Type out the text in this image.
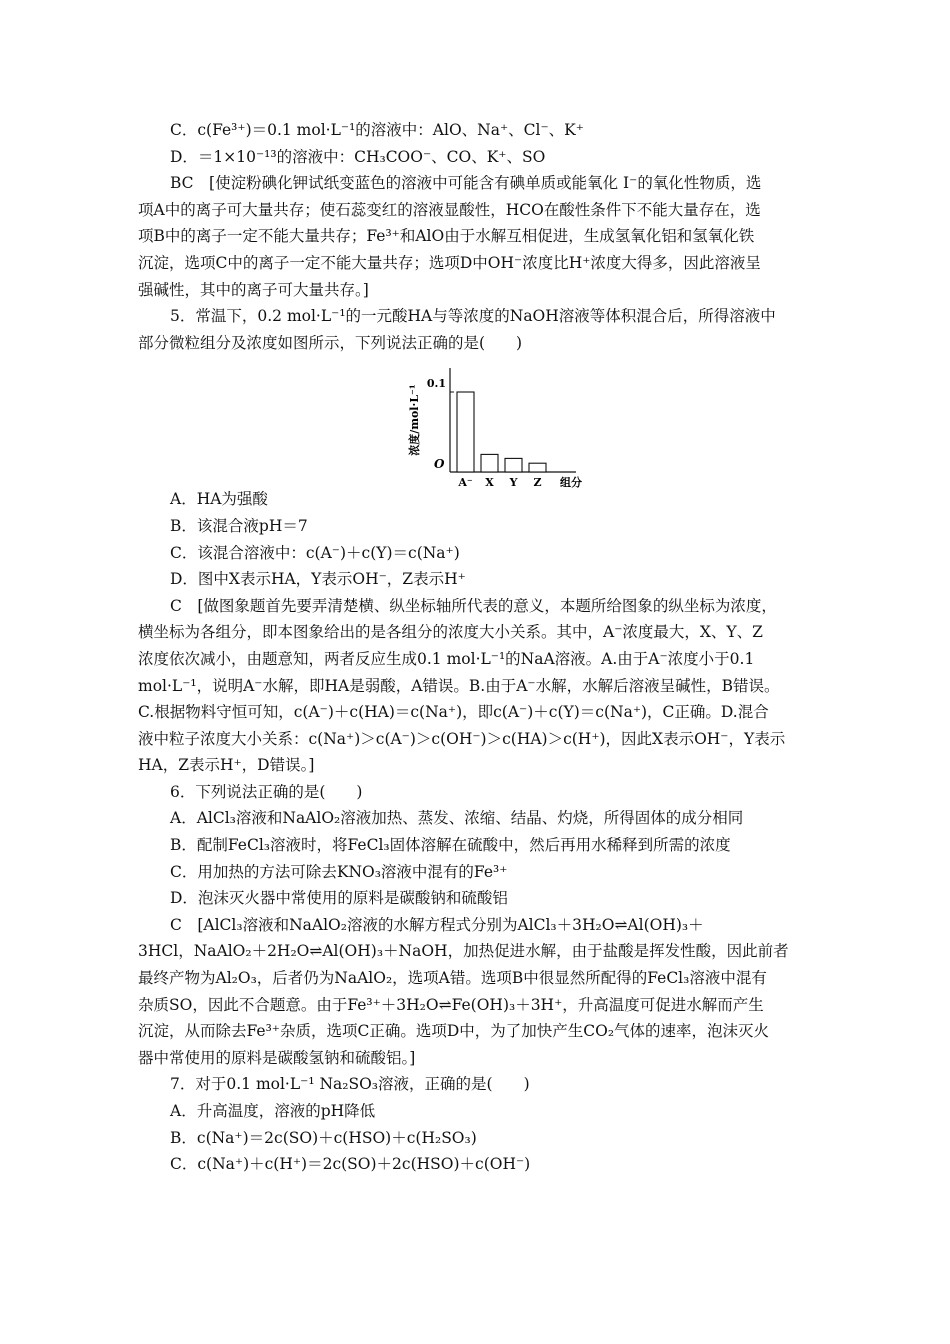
C．c(Fe³⁺)＝0.1 mol·L⁻¹的溶液中：AlO、Na⁺、Cl⁻、K⁺
D．＝1×10⁻¹³的溶液中：CH₃COO⁻、CO、K⁺、SO
BC　[使淀粉碘化钾试纸变蓝色的溶液中可能含有碘单质或能氧化 I⁻的氧化性物质，选
项A中的离子可大量共存；使石蕊变红的溶液显酸性，HCO在酸性条件下不能大量存在，选
项B中的离子一定不能大量共存；Fe³⁺和AlO由于水解互相促进，生成氢氧化铝和氢氧化铁
沉淀，选项C中的离子一定不能大量共存；选项D中OH⁻浓度比H⁺浓度大得多，因此溶液呈
强碱性，其中的离子可大量共存。]
5．常温下，0.2 mol·L⁻¹的一元酸HA与等浓度的NaOH溶液等体积混合后，所得溶液中
部分微粒组分及浓度如图所示，下列说法正确的是(　　)
浓度/mol·L⁻¹
0.1
O
组分
A⁻ X Y Z
A．HA为强酸
B．该混合液pH＝7
C．该混合溶液中：c(A⁻)＋c(Y)＝c(Na⁺)
D．图中X表示HA，Y表示OH⁻，Z表示H⁺
C　[做图象题首先要弄清楚横、纵坐标轴所代表的意义，本题所给图象的纵坐标为浓度，
横坐标为各组分，即本图象给出的是各组分的浓度大小关系。其中，A⁻浓度最大，X、Y、Z
浓度依次减小，由题意知，两者反应生成0.1 mol·L⁻¹的NaA溶液。A.由于A⁻浓度小于0.1
mol·L⁻¹，说明A⁻水解，即HA是弱酸，A错误。B.由于A⁻水解，水解后溶液呈碱性，B错误。
C.根据物料守恒可知，c(A⁻)＋c(HA)＝c(Na⁺)，即c(A⁻)＋c(Y)＝c(Na⁺)，C正确。D.混合
液中粒子浓度大小关系：c(Na⁺)＞c(A⁻)＞c(OH⁻)＞c(HA)＞c(H⁺)，因此X表示OH⁻，Y表示
HA，Z表示H⁺，D错误。]
6．下列说法正确的是(　　)
A．AlCl₃溶液和NaAlO₂溶液加热、蒸发、浓缩、结晶、灼烧，所得固体的成分相同
B．配制FeCl₃溶液时，将FeCl₃固体溶解在硫酸中，然后再用水稀释到所需的浓度
C．用加热的方法可除去KNO₃溶液中混有的Fe³⁺
D．泡沫灭火器中常使用的原料是碳酸钠和硫酸铝
C　[AlCl₃溶液和NaAlO₂溶液的水解方程式分别为AlCl₃＋3H₂O⇌Al(OH)₃＋
3HCl，NaAlO₂＋2H₂O⇌Al(OH)₃＋NaOH，加热促进水解，由于盐酸是挥发性酸，因此前者
最终产物为Al₂O₃，后者仍为NaAlO₂，选项A错。选项B中很显然所配得的FeCl₃溶液中混有
杂质SO，因此不合题意。由于Fe³⁺＋3H₂O⇌Fe(OH)₃＋3H⁺，升高温度可促进水解而产生
沉淀，从而除去Fe³⁺杂质，选项C正确。选项D中，为了加快产生CO₂气体的速率，泡沫灭火
器中常使用的原料是碳酸氢钠和硫酸铝。]
7．对于0.1 mol·L⁻¹ Na₂SO₃溶液，正确的是(　　)
A．升高温度，溶液的pH降低
B．c(Na⁺)＝2c(SO)＋c(HSO)＋c(H₂SO₃)
C．c(Na⁺)＋c(H⁺)＝2c(SO)＋2c(HSO)＋c(OH⁻)
